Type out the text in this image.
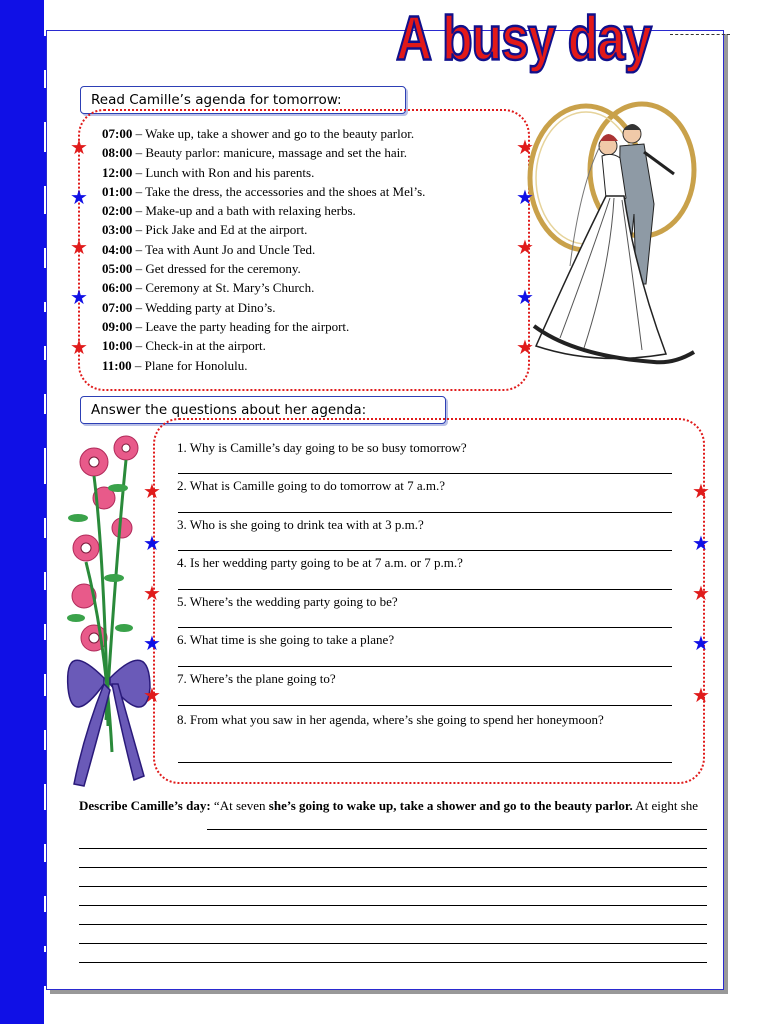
A busy day
Read Camille’s agenda for tomorrow:
07:00 – Wake up, take a shower and go to the beauty parlor.
08:00 – Beauty parlor: manicure, massage and set the hair.
12:00 – Lunch with Ron and his parents.
01:00 – Take the dress, the accessories and the shoes at Mel’s.
02:00 – Make-up and a bath with relaxing herbs.
03:00 – Pick Jake and Ed at the airport.
04:00 – Tea with Aunt Jo and Uncle Ted.
05:00 – Get dressed for the ceremony.
06:00 – Ceremony at St. Mary’s Church.
07:00 – Wedding party at Dino’s.
09:00 – Leave the party heading for the airport.
10:00 – Check-in at the airport.
11:00 – Plane for Honolulu.
Answer the questions about her agenda:
1. Why is Camille’s day going to be so busy tomorrow?
2. What is Camille going to do tomorrow at 7 a.m.?
3. Who is she going to drink tea with at 3 p.m.?
4. Is her wedding party going to be at 7 a.m. or 7 p.m.?
5. Where’s the wedding party going to be?
6. What time is she going to take a plane?
7. Where’s the plane going to?
8. From what you saw in her agenda, where’s she going to spend her honeymoon?
★
★
★
★
★
★
★
★
★
★
★
★
★
★
★
★
★
★
★
★
Describe Camille’s day: “At seven she’s going to wake up, take a shower and go to the beauty parlor. At eight she
